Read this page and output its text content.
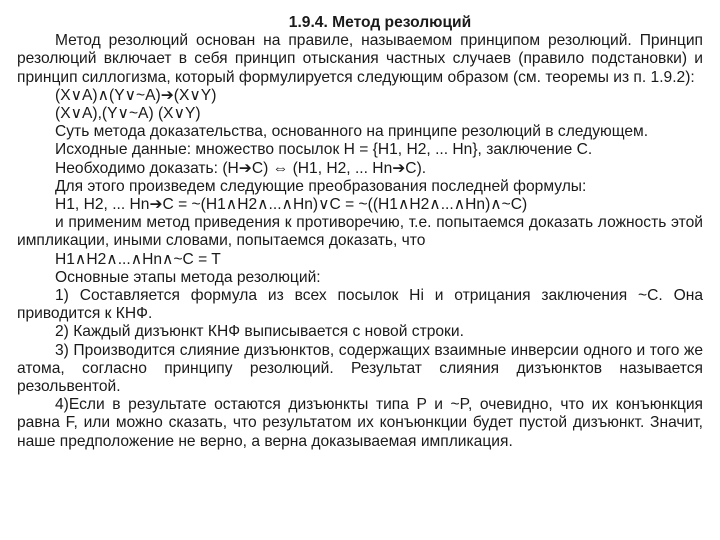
1.9.4. Метод резолюций

Метод резолюций основан на правиле, называемом принципом резолюций. Принцип резолюций включает в себя принцип отыскания частных случаев (правило подстановки) и принцип силлогизма, который формулируется следующим образом (см. теоремы из п. 1.9.2):

(X∨A)∧(Y∨~A)➔(X∨Y)

(X∨A),(Y∨~A) (X∨Y)

Суть метода доказательства, основанного на принципе резолюций в следующем.

Исходные данные: множество посылок H = {H1, H2, ... Hn}, заключение C.

Необходимо доказать: (H➔C) ⇔ (H1, H2, ... Hn➔C).

Для этого произведем следующие преобразования последней формулы:

H1, H2, ... Hn➔C = ~(H1∧H2∧...∧Hn)∨C = ~((H1∧H2∧...∧Hn)∧~C)

и применим метод приведения к противоречию, т.е. попытаемся доказать ложность этой импликации, иными словами, попытаемся доказать, что

H1∧H2∧...∧Hn∧~C = T

Основные этапы метода резолюций:

1) Составляется формула из всех посылок Hi и отрицания заключения ~C. Она приводится к КНФ.

2) Каждый дизъюнкт КНФ выписывается с новой строки.

3) Производится слияние дизъюнктов, содержащих взаимные инверсии одного и того же атома, согласно принципу резолюций. Результат слияния дизъюнктов называется резольвентой.

4)Если в результате остаются дизъюнкты типа P и ~P, очевидно, что их конъюнкция равна F, или можно сказать, что результатом их конъюнкции будет пустой дизъюнкт. Значит, наше предположение не верно, а верна доказываемая импликация.
